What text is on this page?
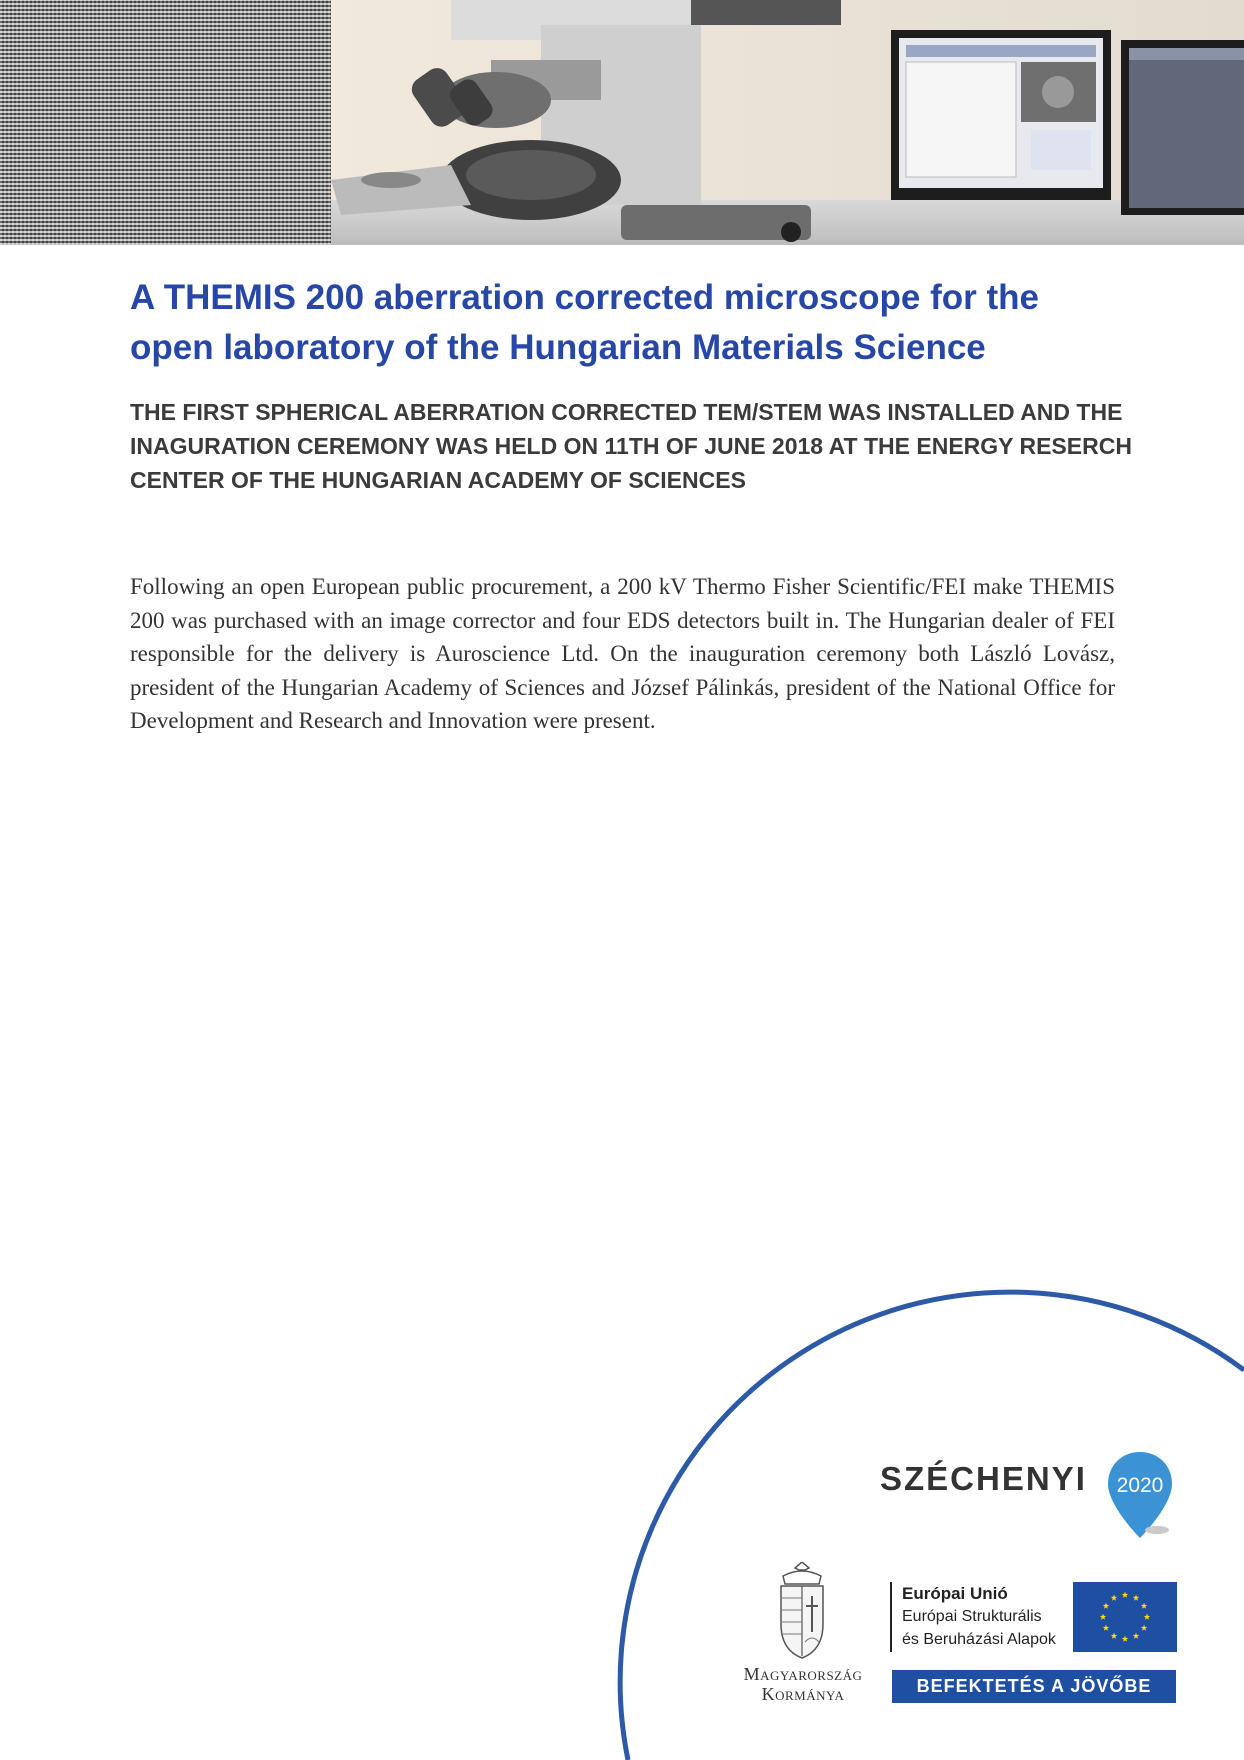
A THEMIS 200 aberration corrected microscope for the open laboratory of the Hungarian Materials Science
THE FIRST SPHERICAL ABERRATION CORRECTED TEM/STEM WAS INSTALLED AND THE INAGURATION CEREMONY WAS HELD ON 11TH OF JUNE 2018 AT THE ENERGY RESERCH CENTER OF THE HUNGARIAN ACADEMY OF SCIENCES

Following an open European public procurement, a 200 kV Thermo Fisher Scientific/FEI make THEMIS 200 was purchased with an image corrector and four EDS detectors built in. The Hungarian dealer of FEI responsible for the delivery is Auroscience Ltd. On the inauguration ceremony both László Lovász, president of the Hungarian Academy of Sciences and József Pálinkás, president of the National Office for Development and Research and Innovation were present.

SZÉCHENYI 2020
Magyarország
Kormánya
Európai Unió
Európai Strukturális
és Beruházási Alapok
BEFEKTETÉS A JÖVŐBE
